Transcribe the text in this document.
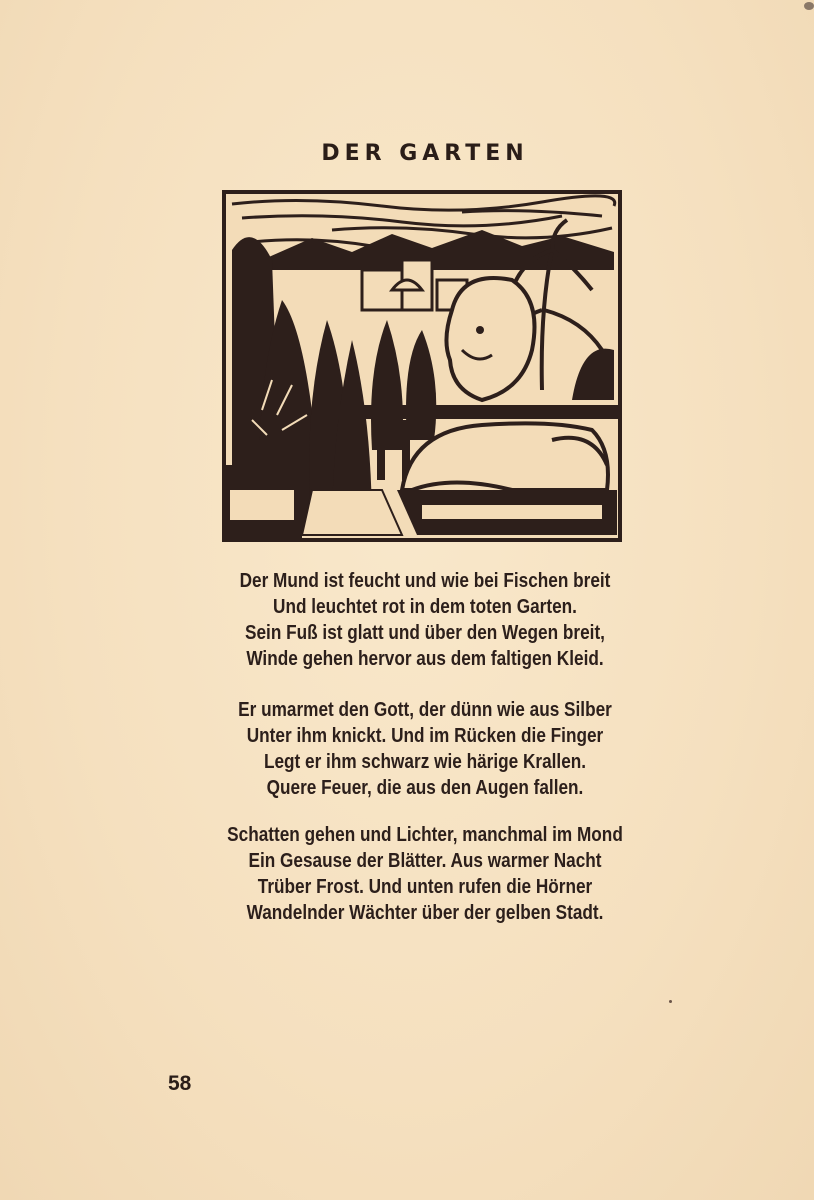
DER GARTEN
Der Mund ist feucht und wie bei Fischen breit
Und leuchtet rot in dem toten Garten.
Sein Fuß ist glatt und über den Wegen breit,
Winde gehen hervor aus dem faltigen Kleid.
Er umarmet den Gott, der dünn wie aus Silber
Unter ihm knickt. Und im Rücken die Finger
Legt er ihm schwarz wie härige Krallen.
Quere Feuer, die aus den Augen fallen.
Schatten gehen und Lichter, manchmal im Mond
Ein Gesause der Blätter. Aus warmer Nacht
Trüber Frost. Und unten rufen die Hörner
Wandelnder Wächter über der gelben Stadt.
58
